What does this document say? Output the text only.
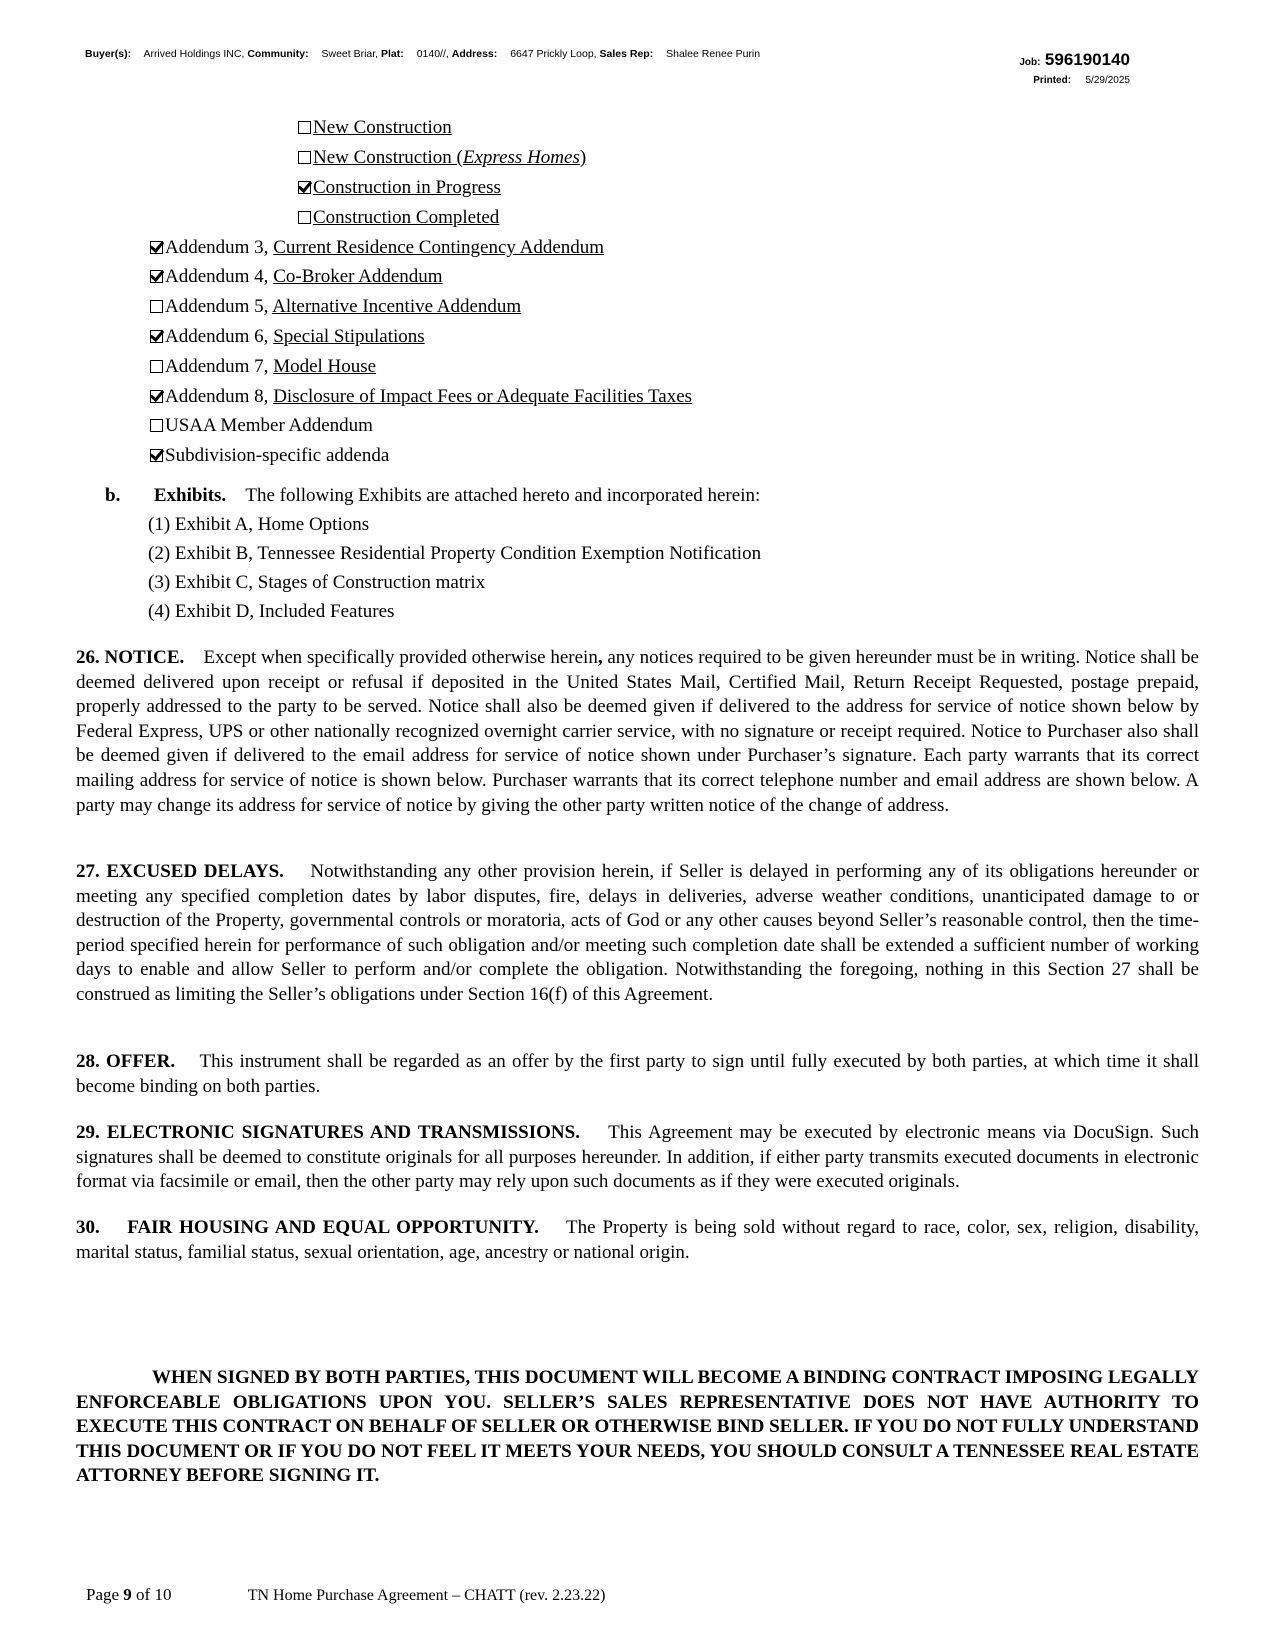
Buyer(s): Arrived Holdings INC, Community: Sweet Briar, Plat: 0140//, Address: 6647 Prickly Loop, Sales Rep: Shalee Renee Purin
Job: 596190140
Printed: 5/29/2025
New Construction
New Construction (Express Homes)
Construction in Progress
Construction Completed
Addendum 3, Current Residence Contingency Addendum
Addendum 4, Co-Broker Addendum
Addendum 5, Alternative Incentive Addendum
Addendum 6, Special Stipulations
Addendum 7, Model House
Addendum 8, Disclosure of Impact Fees or Adequate Facilities Taxes
USAA Member Addendum
Subdivision-specific addenda
b. Exhibits. The following Exhibits are attached hereto and incorporated herein:
(1) Exhibit A, Home Options
(2) Exhibit B, Tennessee Residential Property Condition Exemption Notification
(3) Exhibit C, Stages of Construction matrix
(4) Exhibit D, Included Features
26. NOTICE. Except when specifically provided otherwise herein, any notices required to be given hereunder must be in writing. Notice shall be deemed delivered upon receipt or refusal if deposited in the United States Mail, Certified Mail, Return Receipt Requested, postage prepaid, properly addressed to the party to be served. Notice shall also be deemed given if delivered to the address for service of notice shown below by Federal Express, UPS or other nationally recognized overnight carrier service, with no signature or receipt required. Notice to Purchaser also shall be deemed given if delivered to the email address for service of notice shown under Purchaser’s signature. Each party warrants that its correct mailing address for service of notice is shown below. Purchaser warrants that its correct telephone number and email address are shown below. A party may change its address for service of notice by giving the other party written notice of the change of address.
27. EXCUSED DELAYS. Notwithstanding any other provision herein, if Seller is delayed in performing any of its obligations hereunder or meeting any specified completion dates by labor disputes, fire, delays in deliveries, adverse weather conditions, unanticipated damage to or destruction of the Property, governmental controls or moratoria, acts of God or any other causes beyond Seller’s reasonable control, then the time-period specified herein for performance of such obligation and/or meeting such completion date shall be extended a sufficient number of working days to enable and allow Seller to perform and/or complete the obligation. Notwithstanding the foregoing, nothing in this Section 27 shall be construed as limiting the Seller’s obligations under Section 16(f) of this Agreement.
28. OFFER. This instrument shall be regarded as an offer by the first party to sign until fully executed by both parties, at which time it shall become binding on both parties.
29. ELECTRONIC SIGNATURES AND TRANSMISSIONS. This Agreement may be executed by electronic means via DocuSign. Such signatures shall be deemed to constitute originals for all purposes hereunder. In addition, if either party transmits executed documents in electronic format via facsimile or email, then the other party may rely upon such documents as if they were executed originals.
30. FAIR HOUSING AND EQUAL OPPORTUNITY. The Property is being sold without regard to race, color, sex, religion, disability, marital status, familial status, sexual orientation, age, ancestry or national origin.
WHEN SIGNED BY BOTH PARTIES, THIS DOCUMENT WILL BECOME A BINDING CONTRACT IMPOSING LEGALLY ENFORCEABLE OBLIGATIONS UPON YOU. SELLER’S SALES REPRESENTATIVE DOES NOT HAVE AUTHORITY TO EXECUTE THIS CONTRACT ON BEHALF OF SELLER OR OTHERWISE BIND SELLER. IF YOU DO NOT FULLY UNDERSTAND THIS DOCUMENT OR IF YOU DO NOT FEEL IT MEETS YOUR NEEDS, YOU SHOULD CONSULT A TENNESSEE REAL ESTATE ATTORNEY BEFORE SIGNING IT.
Page 9 of 10	TN Home Purchase Agreement – CHATT (rev. 2.23.22)
